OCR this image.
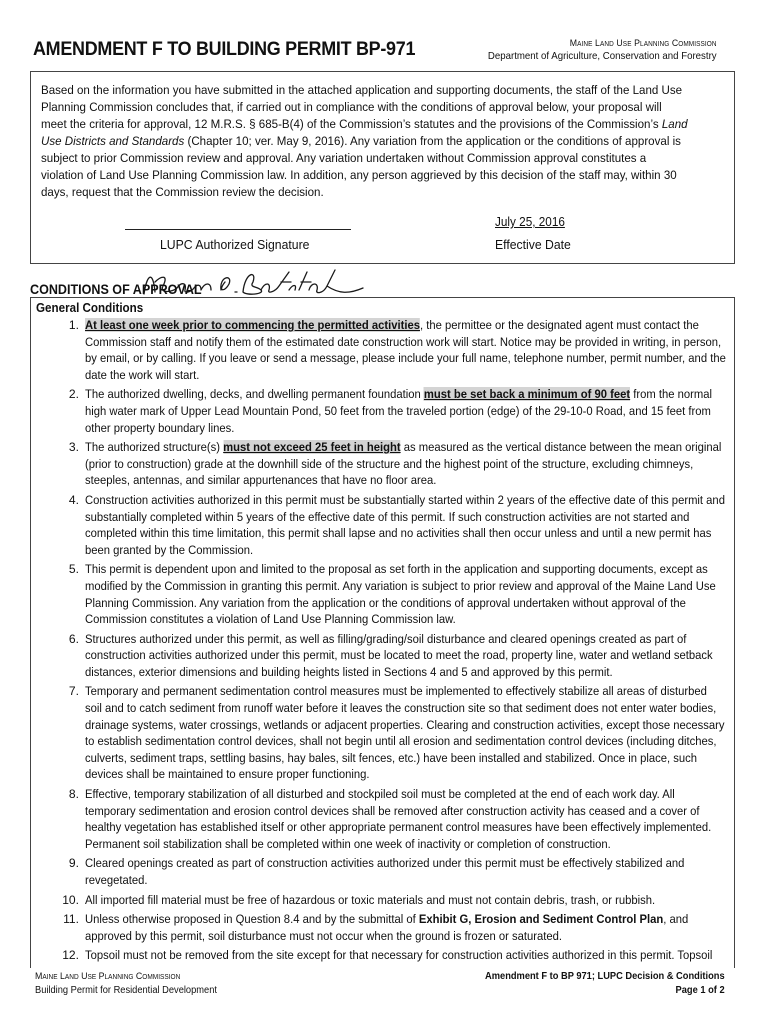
AMENDMENT F TO BUILDING PERMIT BP-971	Maine Land Use Planning Commission
Department of Agriculture, Conservation and Forestry
Based on the information you have submitted in the attached application and supporting documents, the staff of the Land Use Planning Commission concludes that, if carried out in compliance with the conditions of approval below, your proposal will meet the criteria for approval, 12 M.R.S. § 685-B(4) of the Commission’s statutes and the provisions of the Commission’s Land Use Districts and Standards (Chapter 10; ver. May 9, 2016). Any variation from the application or the conditions of approval is subject to prior Commission review and approval. Any variation undertaken without Commission approval constitutes a violation of Land Use Planning Commission law. In addition, any person aggrieved by this decision of the staff may, within 30 days, request that the Commission review the decision.
LUPC Authorized Signature
July 25, 2016
Effective Date
CONDITIONS OF APPROVAL
General Conditions
1. At least one week prior to commencing the permitted activities, the permittee or the designated agent must contact the Commission staff and notify them of the estimated date construction work will start. Notice may be provided in writing, in person, by email, or by calling. If you leave or send a message, please include your full name, telephone number, permit number, and the date the work will start.
2. The authorized dwelling, decks, and dwelling permanent foundation must be set back a minimum of 90 feet from the normal high water mark of Upper Lead Mountain Pond, 50 feet from the traveled portion (edge) of the 29-10-0 Road, and 15 feet from other property boundary lines.
3. The authorized structure(s) must not exceed 25 feet in height as measured as the vertical distance between the mean original (prior to construction) grade at the downhill side of the structure and the highest point of the structure, excluding chimneys, steeples, antennas, and similar appurtenances that have no floor area.
4. Construction activities authorized in this permit must be substantially started within 2 years of the effective date of this permit and substantially completed within 5 years of the effective date of this permit. If such construction activities are not started and completed within this time limitation, this permit shall lapse and no activities shall then occur unless and until a new permit has been granted by the Commission.
5. This permit is dependent upon and limited to the proposal as set forth in the application and supporting documents, except as modified by the Commission in granting this permit. Any variation is subject to prior review and approval of the Maine Land Use Planning Commission. Any variation from the application or the conditions of approval undertaken without approval of the Commission constitutes a violation of Land Use Planning Commission law.
6. Structures authorized under this permit, as well as filling/grading/soil disturbance and cleared openings created as part of construction activities authorized under this permit, must be located to meet the road, property line, water and wetland setback distances, exterior dimensions and building heights listed in Sections 4 and 5 and approved by this permit.
7. Temporary and permanent sedimentation control measures must be implemented to effectively stabilize all areas of disturbed soil and to catch sediment from runoff water before it leaves the construction site so that sediment does not enter water bodies, drainage systems, water crossings, wetlands or adjacent properties. Clearing and construction activities, except those necessary to establish sedimentation control devices, shall not begin until all erosion and sedimentation control devices (including ditches, culverts, sediment traps, settling basins, hay bales, silt fences, etc.) have been installed and stabilized. Once in place, such devices shall be maintained to ensure proper functioning.
8. Effective, temporary stabilization of all disturbed and stockpiled soil must be completed at the end of each work day. All temporary sedimentation and erosion control devices shall be removed after construction activity has ceased and a cover of healthy vegetation has established itself or other appropriate permanent control measures have been effectively implemented. Permanent soil stabilization shall be completed within one week of inactivity or completion of construction.
9. Cleared openings created as part of construction activities authorized under this permit must be effectively stabilized and revegetated.
10. All imported fill material must be free of hazardous or toxic materials and must not contain debris, trash, or rubbish.
11. Unless otherwise proposed in Question 8.4 and by the submittal of Exhibit G, Erosion and Sediment Control Plan, and approved by this permit, soil disturbance must not occur when the ground is frozen or saturated.
12. Topsoil must not be removed from the site except for that necessary for construction activities authorized in this permit. Topsoil
Maine Land Use Planning Commission
Building Permit for Residential Development
Amendment F to BP 971; LUPC Decision & Conditions
Page 1 of 2
